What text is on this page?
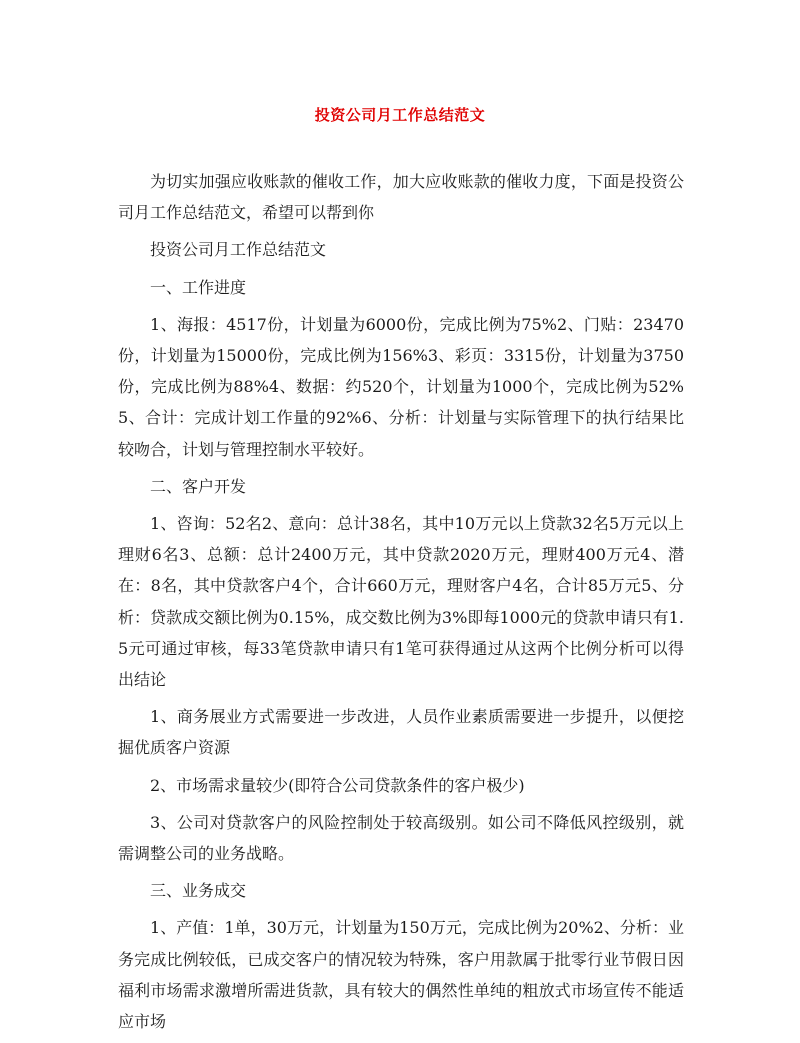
投资公司月工作总结范文

为切实加强应收账款的催收工作，加大应收账款的催收力度，下面是投资公司月工作总结范文，希望可以帮到你

投资公司月工作总结范文

一、工作进度

1、海报：4517份，计划量为6000份，完成比例为75%2、门贴：23470份，计划量为15000份，完成比例为156%3、彩页：3315份，计划量为3750份，完成比例为88%4、数据：约520个，计划量为1000个，完成比例为52%5、合计：完成计划工作量的92%6、分析：计划量与实际管理下的执行结果比较吻合，计划与管理控制水平较好。

二、客户开发

1、咨询：52名2、意向：总计38名，其中10万元以上贷款32名5万元以上理财6名3、总额：总计2400万元，其中贷款2020万元，理财400万元4、潜在：8名，其中贷款客户4个，合计660万元，理财客户4名，合计85万元5、分析：贷款成交额比例为0.15%，成交数比例为3%即每1000元的贷款申请只有1.5元可通过审核，每33笔贷款申请只有1笔可获得通过从这两个比例分析可以得出结论

1、商务展业方式需要进一步改进，人员作业素质需要进一步提升，以便挖掘优质客户资源

2、市场需求量较少(即符合公司贷款条件的客户极少)

3、公司对贷款客户的风险控制处于较高级别。如公司不降低风控级别，就需调整公司的业务战略。

三、业务成交

1、产值：1单，30万元，计划量为150万元，完成比例为20%2、分析：业务完成比例较低，已成交客户的情况较为特殊，客户用款属于批零行业节假日因福利市场需求激增所需进货款，具有较大的偶然性单纯的粗放式市场宣传不能适应市场
